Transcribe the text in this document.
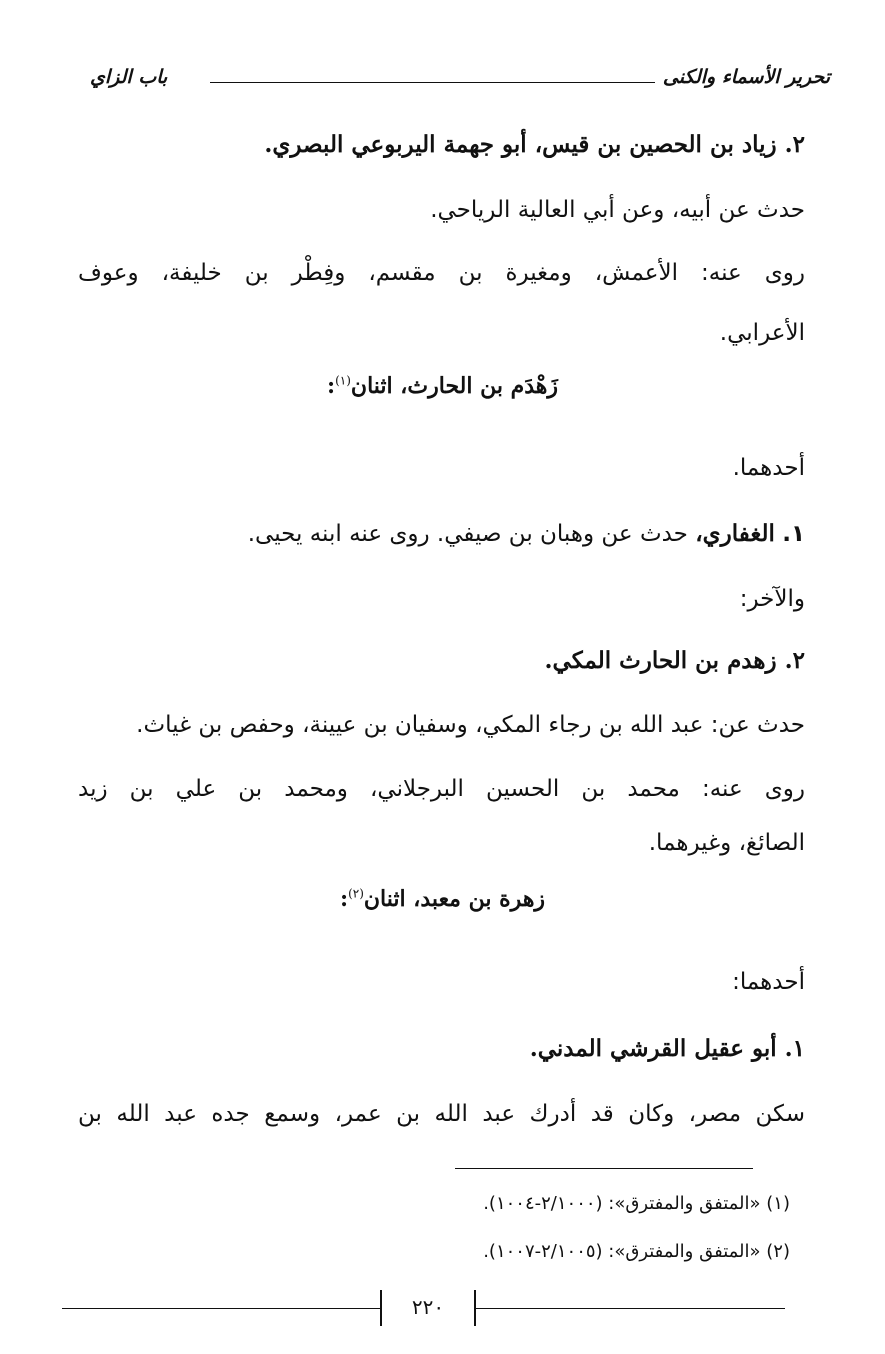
تحرير الأسماء والكنى
باب الزاي
٢. زياد بن الحصين بن قيس، أبو جهمة اليربوعي البصري.
حدث عن أبيه، وعن أبي العالية الرياحي.
روى عنه: الأعمش، ومغيرة بن مقسم، وفِطْر بن خليفة، وعوف
الأعرابي.
زَهْدَم بن الحارث، اثنان$^{(١)}$:
أحدهما.
١. الغفاري، حدث عن وهبان بن صيفي. روى عنه ابنه يحيى.
والآخر:
٢. زهدم بن الحارث المكي.
حدث عن: عبد الله بن رجاء المكي، وسفيان بن عيينة، وحفص بن غياث.
روى عنه: محمد بن الحسين البرجلاني، ومحمد بن علي بن زيد
الصائغ، وغيرهما.
زهرة بن معبد، اثنان$^{(٢)}$:
أحدهما:
١. أبو عقيل القرشي المدني.
سكن مصر، وكان قد أدرك عبد الله بن عمر، وسمع جده عبد الله بن
(١) «المتفق والمفترق»: (٢/١٠٠٠-١٠٠٤).
(٢) «المتفق والمفترق»: (٢/١٠٠٥-١٠٠٧).
٢٢٠
